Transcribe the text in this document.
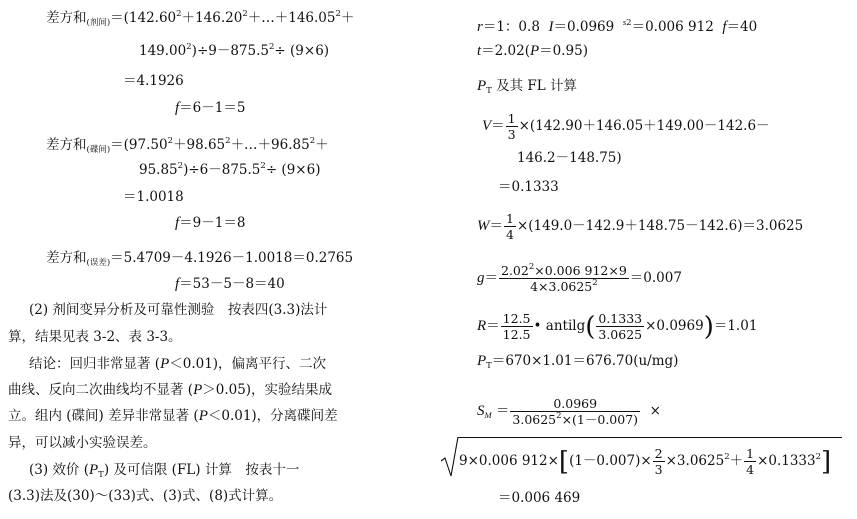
差方和$_{(剂间)}=(142.60^2+146.20^2+\dots+146.05^2+$
$149.00^2)\div 9-875.5^2\div (9\times 6)$
＝4.1926
f＝6－1＝5
差方和$_{(碟间)}=(97.50^2+98.65^2+\dots+96.85^2+$
$95.85^2)\div 6-875.5^2\div (9\times 6)$
＝1.0018
f＝9－1＝8
差方和$_{(误差)}$＝5.4709－4.1926－1.0018＝0.2765
f＝53－5－8＝40
(2) 剂间变异分析及可靠性测验　按表四(3.3)法计
算，结果见表 3-2、表 3-3。
结论：回归非常显著 (P＜0.01)，偏离平行、二次
曲线、反向二次曲线均不显著 (P＞0.05)，实验结果成
立。组内 (碟间) 差异非常显著 (P＜0.01)，分离碟间差
异，可以减小实验误差。
(3) 效价 $(P_T)$ 及可信限 (FL) 计算　按表十一
(3.3)法及(30)～(33)式、(3)式、(8)式计算。
r＝1：0.8 I＝0.0969 $^{s2}$＝0.006 912 f＝40
t＝2.02(P＝0.95)
$P_T$ 及其 FL 计算
$V= \frac{1}{3} \times(142.90+146.05+149.00-142.6-$
146.2－148.75)
＝0.1333
$W= \frac{1}{4} \times(149.0-142.9+148.75-142.6)=3.0625$
$g= \frac{2.02^2\times 0.006 912\times 9}{4\times 3.0625^2} =0.007$
$R= \frac{12.5}{12.5}$ • antilg( $\frac{0.1333}{3.0625} \times 0.0969)=1.01$
$P_T=670\times 1.01=676.70(u/mg)$
$S_M = \frac{0.0969}{3.0625^2\times(1-0.007)}$ ×
9×0.006 $912\times[(1-0.007)\times \frac{2}{3} \times 3.0625^2+ \frac{1}{4} \times 0.1333^2]$
＝0.006 469
